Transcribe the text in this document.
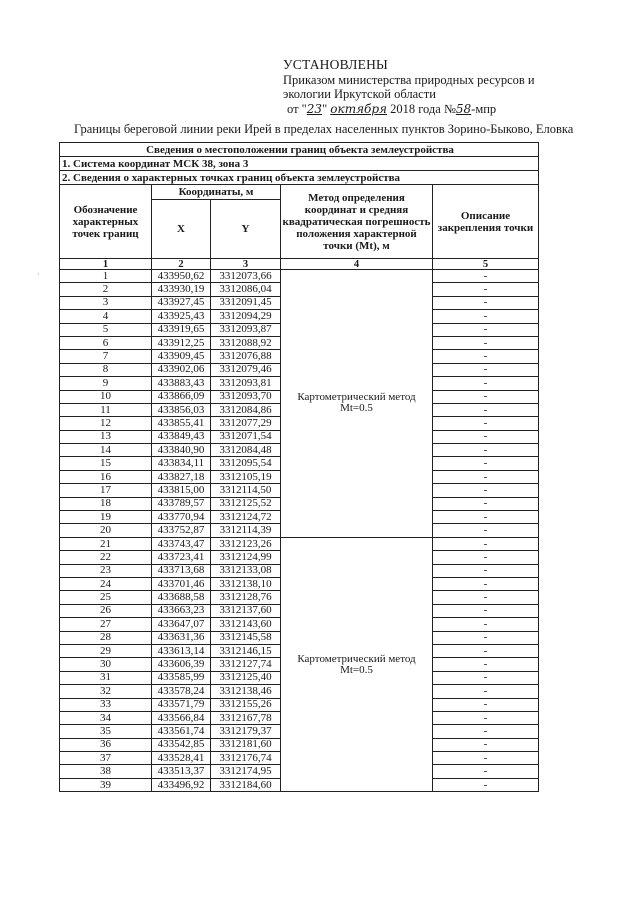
УСТАНОВЛЕНЫ
Приказом министерства природных ресурсов и
экологии Иркутской области
от "23" октября 2018 года №58-мпр
Границы береговой линии реки Ирей в пределах населенных пунктов Зорино-Быково, Еловка
·
Сведения о местоположении границ объекта землеустройства				
1. Система координат МСК 38, зона 3				
2. Сведения о характерных точках границ объекта землеустройства				
Обозначение характерных точек границ	Координаты, м		Метод определения координат и средняя квадратическая погрешность положения характерной точки (Mt), м	Описание закрепления точки
	X	Y		
1	2	3	4	5
1	433950,62	3312073,66	Картометрический метод
Mt=0.5	-
2	433930,19	3312086,04		-
3	433927,45	3312091,45		-
4	433925,43	3312094,29		-
5	433919,65	3312093,87		-
6	433912,25	3312088,92		-
7	433909,45	3312076,88		-
8	433902,06	3312079,46		-
9	433883,43	3312093,81		-
10	433866,09	3312093,70		-
11	433856,03	3312084,86		-
12	433855,41	3312077,29		-
13	433849,43	3312071,54		-
14	433840,90	3312084,48		-
15	433834,11	3312095,54		-
16	433827,18	3312105,19		-
17	433815,00	3312114,50		-
18	433789,57	3312125,52		-
19	433770,94	3312124,72		-
20	433752,87	3312114,39		-
21	433743,47	3312123,26	Картометрический метод
Mt=0.5	-
22	433723,41	3312124,99		-
23	433713,68	3312133,08		-
24	433701,46	3312138,10		-
25	433688,58	3312128,76		-
26	433663,23	3312137,60		-
27	433647,07	3312143,60		-
28	433631,36	3312145,58		-
29	433613,14	3312146,15		-
30	433606,39	3312127,74		-
31	433585,99	3312125,40		-
32	433578,24	3312138,46		-
33	433571,79	3312155,26		-
34	433566,84	3312167,78		-
35	433561,74	3312179,37		-
36	433542,85	3312181,60		-
37	433528,41	3312176,74		-
38	433513,37	3312174,95		-
39	433496,92	3312184,60		-
